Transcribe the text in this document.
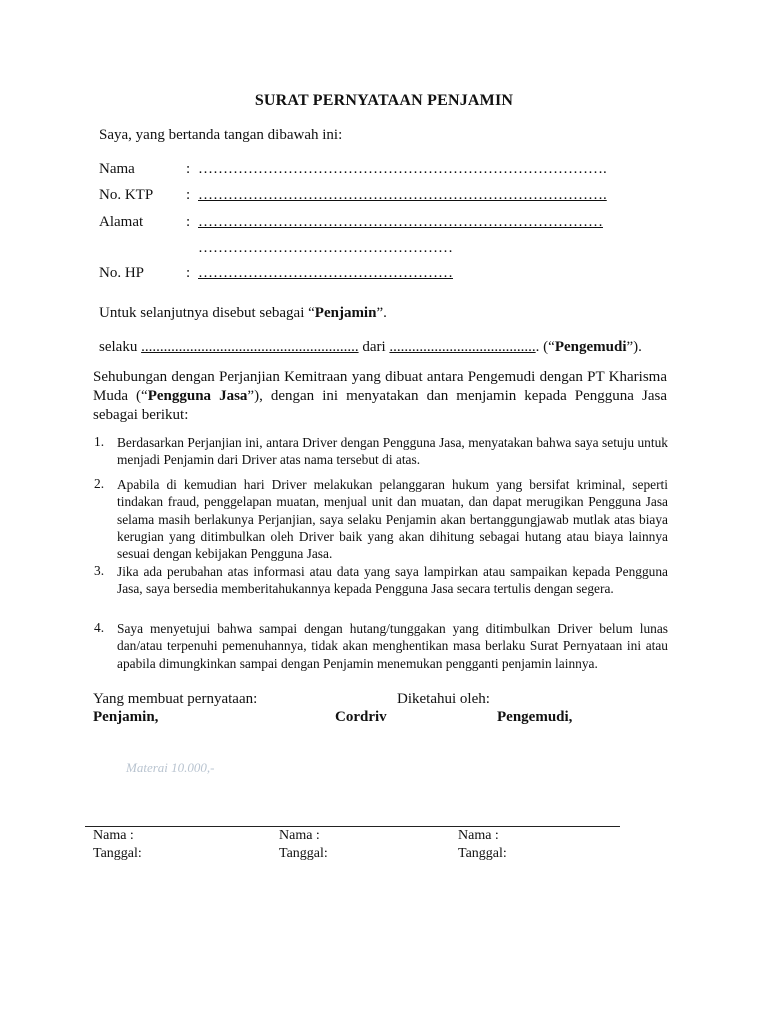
SURAT PERNYATAAN PENJAMIN
Saya, yang bertanda tangan dibawah ini:
Nama	: ……………………………………………………………………….
No. KTP : ……………………………………………………………………….
Alamat	: ………………………………………………………………………
……………………………………………
No. HP	: ……………………………………………
Untuk selanjutnya disebut sebagai “Penjamin”.
selaku .......................................................... dari ........................................ (“Pengemudi”).
Sehubungan dengan Perjanjian Kemitraan yang dibuat antara Pengemudi dengan PT Kharisma Muda (“Pengguna Jasa”), dengan ini menyatakan dan menjamin kepada Pengguna Jasa sebagai berikut:
1. Berdasarkan Perjanjian ini, antara Driver dengan Pengguna Jasa, menyatakan bahwa saya setuju untuk menjadi Penjamin dari Driver atas nama tersebut di atas.
2. Apabila di kemudian hari Driver melakukan pelanggaran hukum yang bersifat kriminal, seperti tindakan fraud, penggelapan muatan, menjual unit dan muatan, dan dapat merugikan Pengguna Jasa selama masih berlakunya Perjanjian, saya selaku Penjamin akan bertanggungjawab mutlak atas biaya kerugian yang ditimbulkan oleh Driver baik yang akan dihitung sebagai hutang atau biaya lainnya sesuai dengan kebijakan Pengguna Jasa.
3. Jika ada perubahan atas informasi atau data yang saya lampirkan atau sampaikan kepada Pengguna Jasa, saya bersedia memberitahukannya kepada Pengguna Jasa secara tertulis dengan segera.
4. Saya menyetujui bahwa sampai dengan hutang/tunggakan yang ditimbulkan Driver belum lunas dan/atau terpenuhi pemenuhannya, tidak akan menghentikan masa berlaku Surat Pernyataan ini atau apabila dimungkinkan sampai dengan Penjamin menemukan pengganti penjamin lainnya.
Yang membuat pernyataan:	Diketahui oleh:
Penjamin,	Cordriv	Pengemudi,
Materai 10.000,-
Nama :	Nama :	Nama :
Tanggal:	Tanggal:	Tanggal:
